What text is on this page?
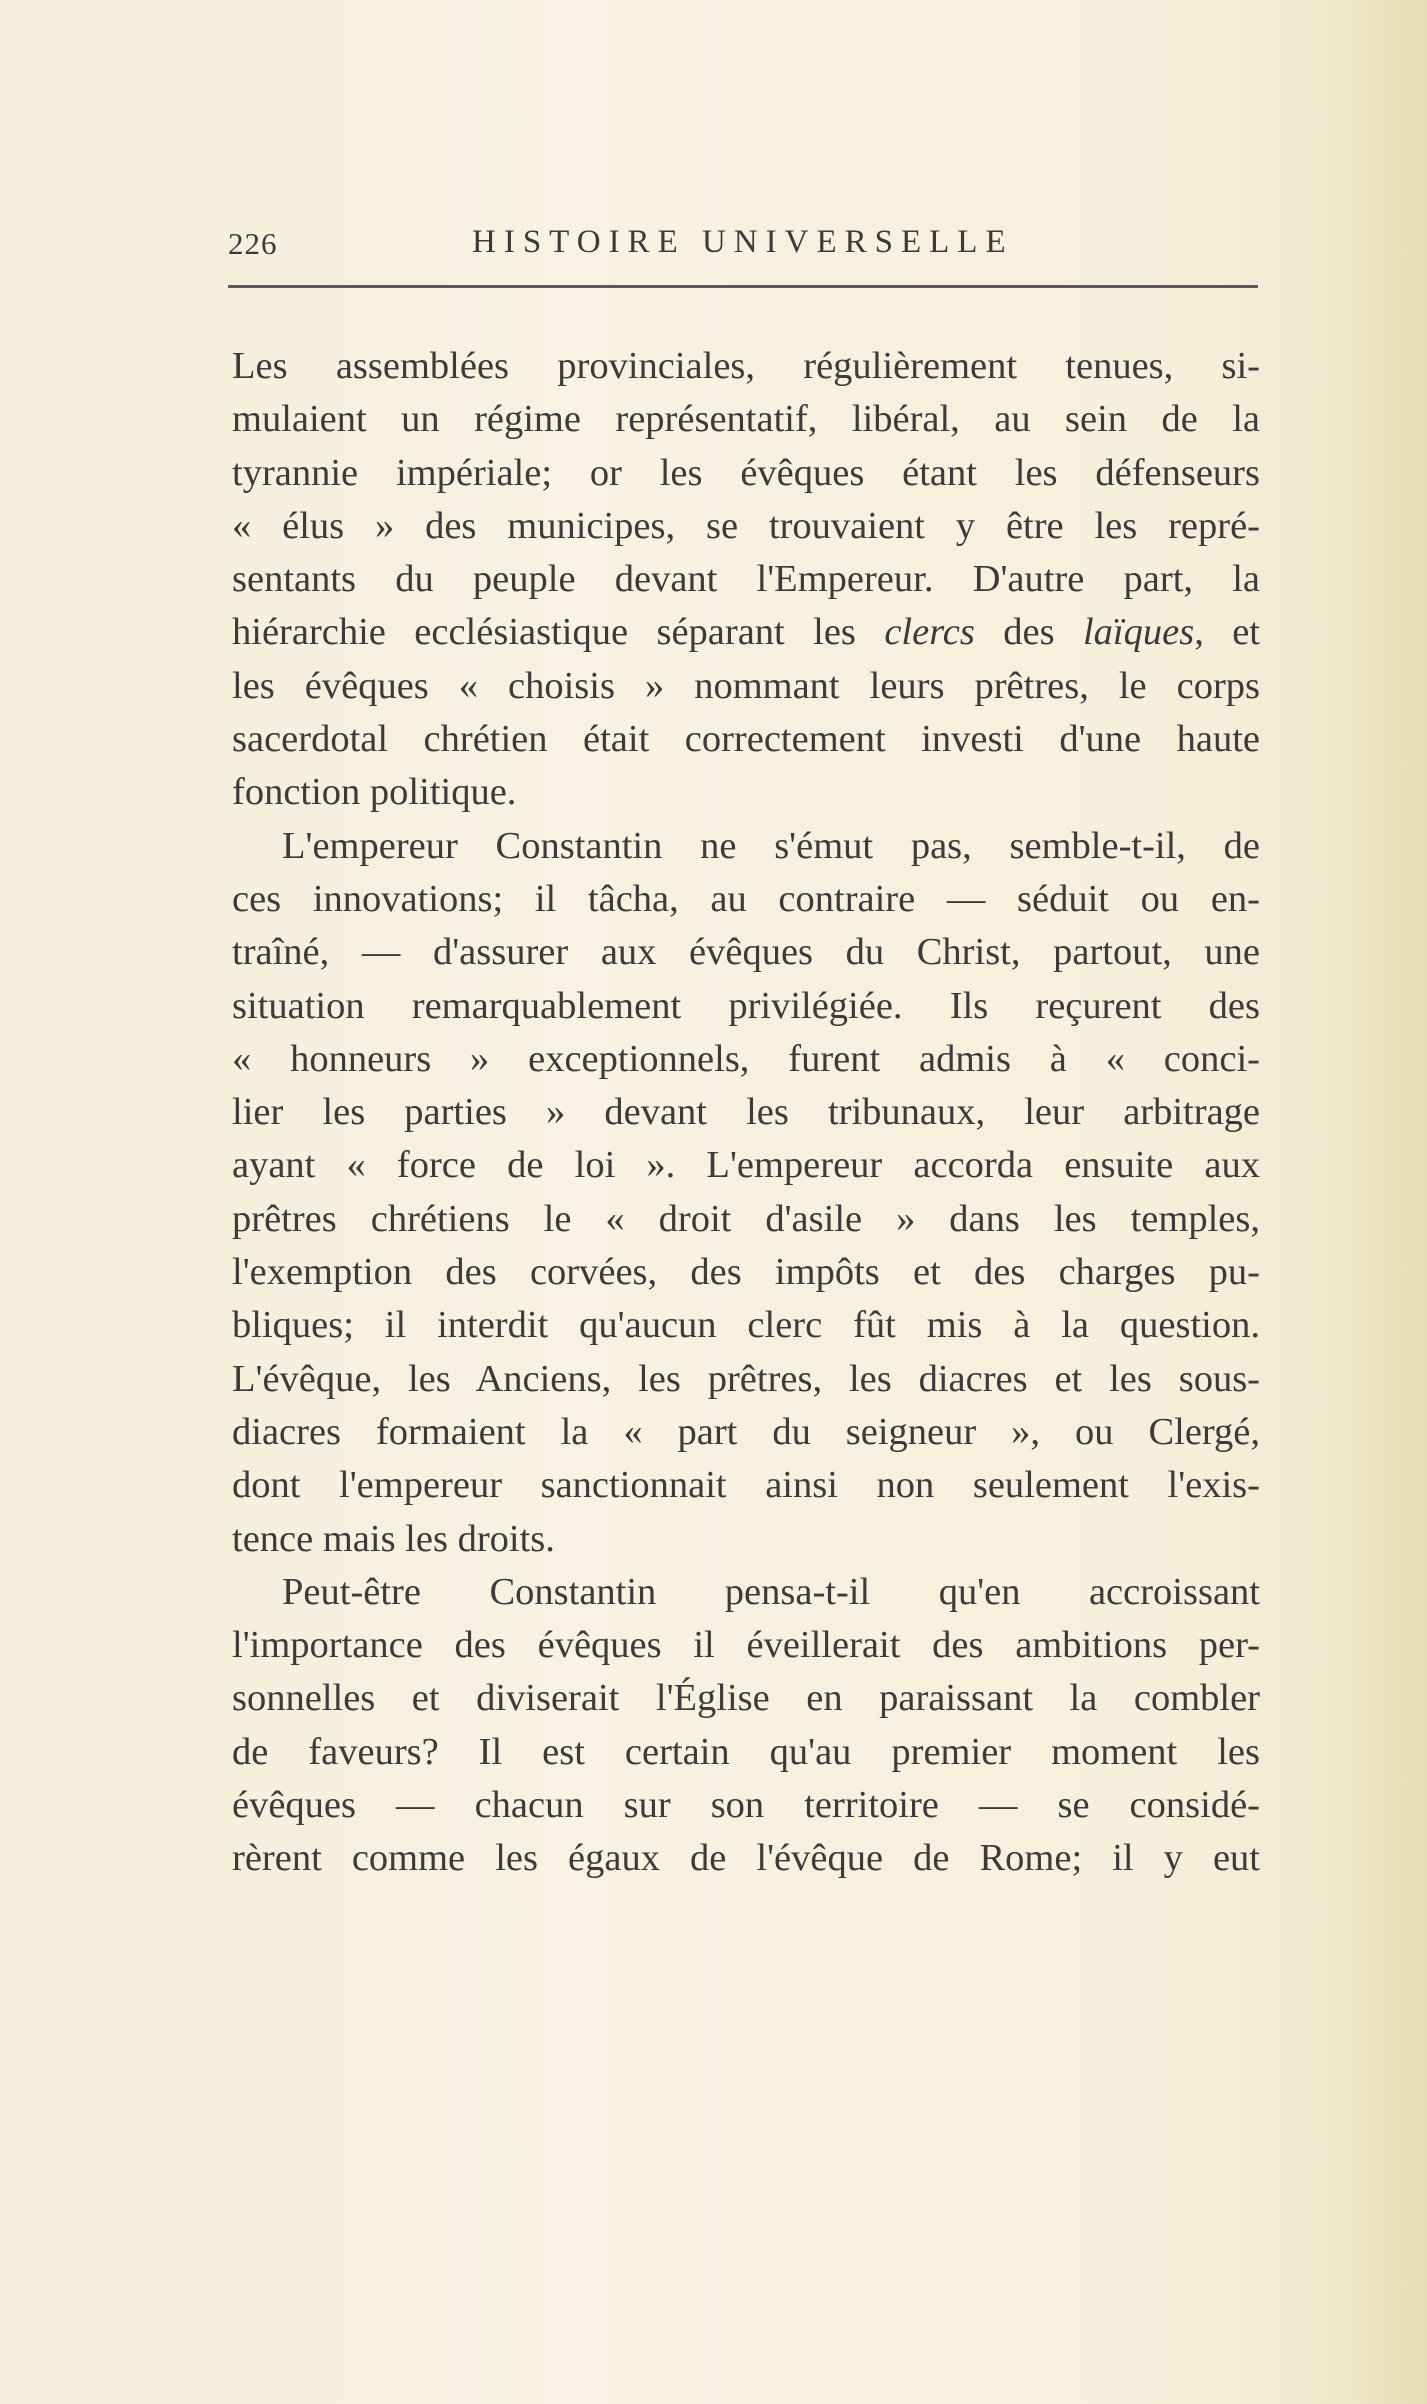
226	HISTOIRE UNIVERSELLE
Les assemblées provinciales, régulièrement tenues, si-
mulaient un régime représentatif, libéral, au sein de la
tyrannie impériale; or les évêques étant les défenseurs
« élus » des municipes, se trouvaient y être les repré-
sentants du peuple devant l'Empereur. D'autre part, la
hiérarchie ecclésiastique séparant les clercs des laïques, et
les évêques « choisis » nommant leurs prêtres, le corps
sacerdotal chrétien était correctement investi d'une haute
fonction politique.
L'empereur Constantin ne s'émut pas, semble-t-il, de
ces innovations; il tâcha, au contraire — séduit ou en-
traîné, — d'assurer aux évêques du Christ, partout, une
situation remarquablement privilégiée. Ils reçurent des
« honneurs » exceptionnels, furent admis à « conci-
lier les parties » devant les tribunaux, leur arbitrage
ayant « force de loi ». L'empereur accorda ensuite aux
prêtres chrétiens le « droit d'asile » dans les temples,
l'exemption des corvées, des impôts et des charges pu-
bliques; il interdit qu'aucun clerc fût mis à la question.
L'évêque, les Anciens, les prêtres, les diacres et les sous-
diacres formaient la « part du seigneur », ou Clergé,
dont l'empereur sanctionnait ainsi non seulement l'exis-
tence mais les droits.
Peut-être Constantin pensa-t-il qu'en accroissant
l'importance des évêques il éveillerait des ambitions per-
sonnelles et diviserait l'Église en paraissant la combler
de faveurs? Il est certain qu'au premier moment les
évêques — chacun sur son territoire — se considé-
rèrent comme les égaux de l'évêque de Rome; il y eut
